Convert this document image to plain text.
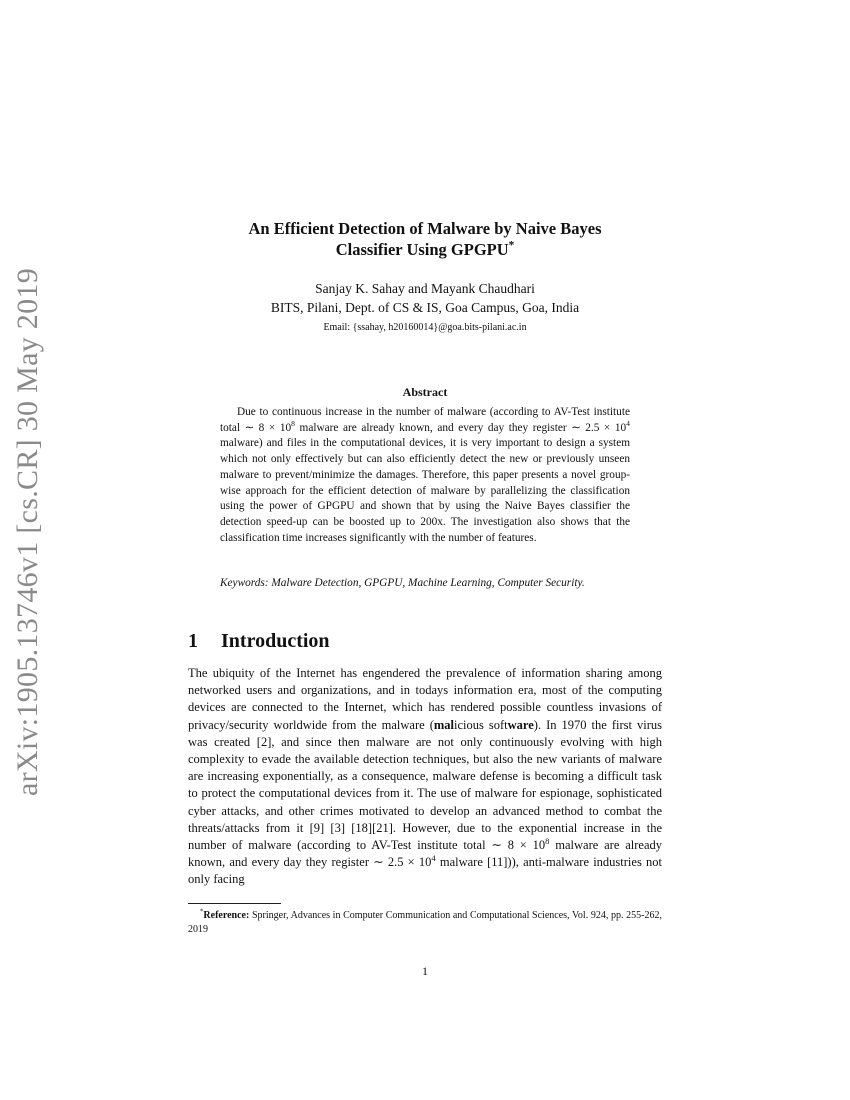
arXiv:1905.13746v1 [cs.CR] 30 May 2019
An Efficient Detection of Malware by Naive Bayes
Classifier Using GPGPU*
Sanjay K. Sahay and Mayank Chaudhari
BITS, Pilani, Dept. of CS & IS, Goa Campus, Goa, India
Email: {ssahay, h20160014}@goa.bits-pilani.ac.in
Abstract

Due to continuous increase in the number of malware (according to AV-Test institute total ∼ $8 \times 10^8$ malware are already known, and every day they register ∼ $2.5 \times 10^4$ malware) and files in the computational devices, it is very important to design a system which not only effectively but can also efficiently detect the new or previously unseen malware to prevent/minimize the damages. Therefore, this paper presents a novel group-wise approach for the efficient detection of malware by parallelizing the classification using the power of GPGPU and shown that by using the Naive Bayes classifier the detection speed-up can be boosted up to 200x. The investigation also shows that the classification time increases significantly with the number of features.

Keywords: Malware Detection, GPGPU, Machine Learning, Computer Security.

1 Introduction

The ubiquity of the Internet has engendered the prevalence of information sharing among networked users and organizations, and in todays information era, most of the computing devices are connected to the Internet, which has rendered possible countless invasions of privacy/security worldwide from the malware (malicious software). In 1970 the first virus was created [2], and since then malware are not only continuously evolving with high complexity to evade the available detection techniques, but also the new variants of malware are increasing exponentially, as a consequence, malware defense is becoming a difficult task to protect the computational devices from it. The use of malware for espionage, sophisticated cyber attacks, and other crimes motivated to develop an advanced method to combat the threats/attacks from it [9] [3] [18][21]. However, due to the exponential increase in the number of malware (according to AV-Test institute total ∼ $8 \times 10^8$ malware are already known, and every day they register ∼ $2.5 \times 10^4$ malware [11])), anti-malware industries not only facing

*Reference: Springer, Advances in Computer Communication and Computational Sciences, Vol. 924, pp. 255-262, 2019

1
